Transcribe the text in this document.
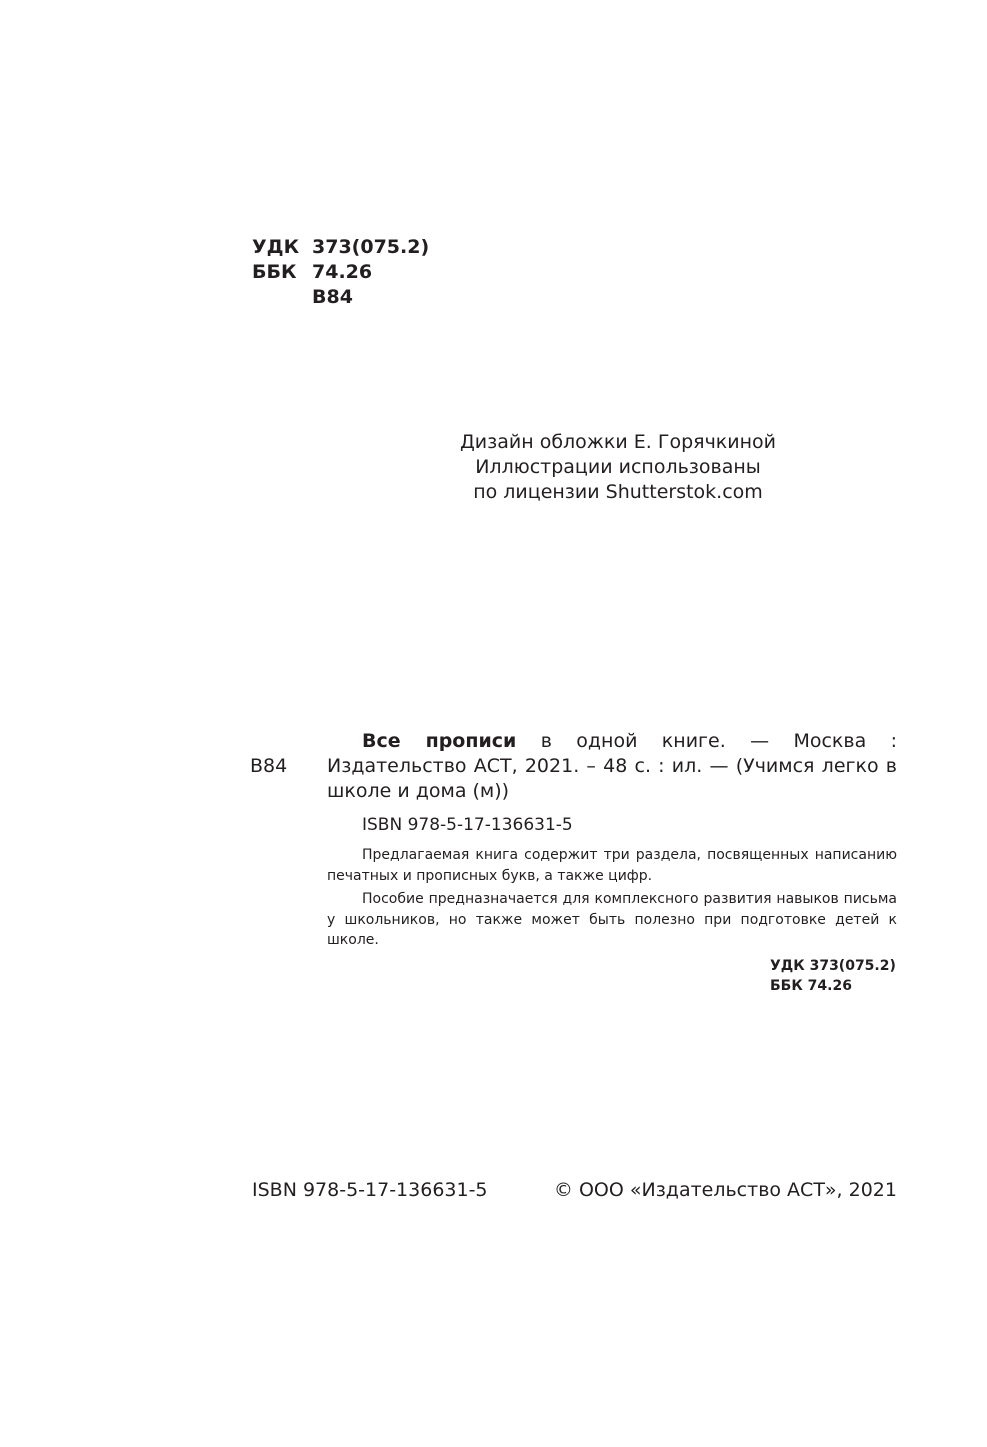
УДК 373(075.2)
ББК 74.26
В84
Дизайн обложки Е. Горячкиной
Иллюстрации использованы
по лицензии Shutterstok.com
В84

Все прописи в одной книге. — Москва : Издательство АСТ, 2021. – 48 с. : ил. — (Учимся легко в школе и дома (м))

ISBN 978-5-17-136631-5

Предлагаемая книга содержит три раздела, посвященных написанию печатных и прописных букв, а также цифр.

Пособие предназначается для комплексного развития навыков письма у школьников, но также может быть полезно при подготовке детей к школе.

УДК 373(075.2)
ББК 74.26
ISBN 978-5-17-136631-5	© ООО «Издательство АСТ», 2021
